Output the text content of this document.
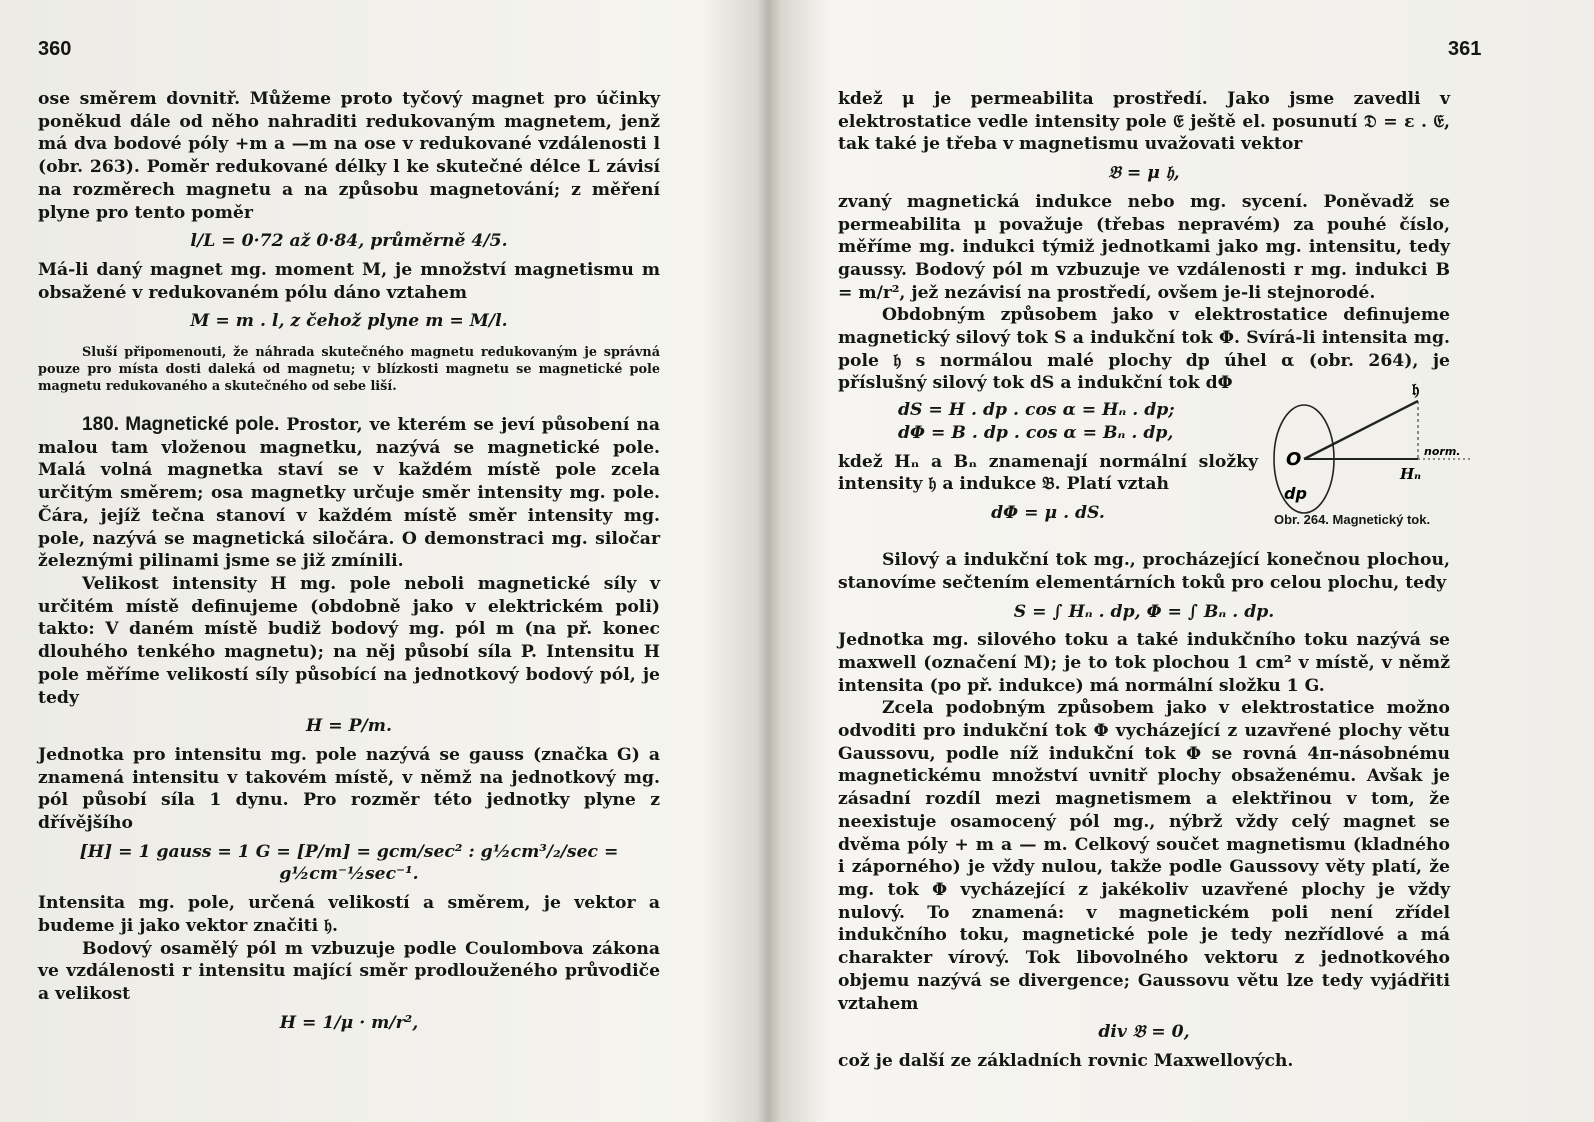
360

ose směrem dovnitř. Můžeme proto tyčový magnet pro účinky poněkud dále od něho nahraditi redukovaným magnetem, jenž má dva bodové póly +m a —m na ose v redukované vzdálenosti l (obr. 263). Poměr redukované délky l ke skutečné délce L závisí na rozměrech magnetu a na způsobu magnetování; z měření plyne pro tento poměr

l/L = 0·72 až 0·84, průměrně 4/5.

Má-li daný magnet mg. moment M, je množství magnetismu m obsažené v redukovaném pólu dáno vztahem

M = m . l, z čehož plyne m = M/l.

Sluší připomenouti, že náhrada skutečného magnetu redukovaným je správná pouze pro místa dosti daleká od magnetu; v blízkosti magnetu se magnetické pole magnetu redukovaného a skutečného od sebe liší.

180. Magnetické pole. Prostor, ve kterém se jeví působení na malou tam vloženou magnetku, nazývá se magnetické pole. Malá volná magnetka staví se v každém místě pole zcela určitým směrem; osa magnetky určuje směr intensity mg. pole. Čára, jejíž tečna stanoví v každém místě směr intensity mg. pole, nazývá se magnetická siločára. O demonstraci mg. siločar železnými pilinami jsme se již zmínili.

Velikost intensity H mg. pole neboli magnetické síly v určitém místě definujeme (obdobně jako v elektrickém poli) takto: V daném místě budiž bodový mg. pól m (na př. konec dlouhého tenkého magnetu); na něj působí síla P. Intensitu H pole měříme velikostí síly působící na jednotkový bodový pól, je tedy

H = P/m.

Jednotka pro intensitu mg. pole nazývá se gauss (značka G) a znamená intensitu v takovém místě, v němž na jednotkový mg. pól působí síla 1 dynu. Pro rozměr této jednotky plyne z dřívějšího

[H] = 1 gauss = 1 G = [P/m] = gcm/sec² : g½cm³/₂/sec = g½cm⁻½sec⁻¹.

Intensita mg. pole, určená velikostí a směrem, je vektor a budeme ji jako vektor značiti 𝔥.

Bodový osamělý pól m vzbuzuje podle Coulombova zákona ve vzdálenosti r intensitu mající směr prodlouženého průvodiče a velikost

H = 1/μ · m/r²,
361

kdež μ je permeabilita prostředí. Jako jsme zavedli v elektrostatice vedle intensity pole 𝔈 ještě el. posunutí 𝔇 = ε . 𝔈, tak také je třeba v magnetismu uvažovati vektor

𝔅 = μ 𝔥,

zvaný magnetická indukce nebo mg. sycení. Poněvadž se permeabilita μ považuje (třebas nepravém) za pouhé číslo, měříme mg. indukci týmiž jednotkami jako mg. intensitu, tedy gaussy. Bodový pól m vzbuzuje ve vzdálenosti r mg. indukci B = m/r², jež nezávisí na prostředí, ovšem je-li stejnorodé.

Obdobným způsobem jako v elektrostatice definujeme magnetický silový tok S a indukční tok Φ. Svírá-li intensita mg. pole 𝔥 s normálou malé plochy dp úhel α (obr. 264), je příslušný silový tok dS a indukční tok dΦ

dS = H . dp . cos α = Hₙ . dp;
dΦ = B . dp . cos α = Bₙ . dp,

kdež Hₙ a Bₙ znamenají normální složky intensity 𝔥 a indukce 𝔅. Platí vztah

dΦ = μ . dS.
O
dp
𝔥
Hₙ
norm.
Obr. 264. Magnetický tok.

Silový a indukční tok mg., procházející konečnou plochou, stanovíme sečtením elementárních toků pro celou plochu, tedy

S = ∫ Hₙ . dp, Φ = ∫ Bₙ . dp.

Jednotka mg. silového toku a také indukčního toku nazývá se maxwell (označení M); je to tok plochou 1 cm² v místě, v němž intensita (po př. indukce) má normální složku 1 G.

Zcela podobným způsobem jako v elektrostatice možno odvoditi pro indukční tok Φ vycházející z uzavřené plochy větu Gaussovu, podle níž indukční tok Φ se rovná 4π-násobnému magnetickému množství uvnitř plochy obsaženému. Avšak je zásadní rozdíl mezi magnetismem a elektřinou v tom, že neexistuje osamocený pól mg., nýbrž vždy celý magnet se dvěma póly + m a — m. Celkový součet magnetismu (kladného i záporného) je vždy nulou, takže podle Gaussovy věty platí, že mg. tok Φ vycházející z jakékoliv uzavřené plochy je vždy nulový. To znamená: v magnetickém poli není zřídel indukčního toku, magnetické pole je tedy nezřídlové a má charakter vírový. Tok libovolného vektoru z jednotkového objemu nazývá se divergence; Gaussovu větu lze tedy vyjádřiti vztahem

div 𝔅 = 0,

což je další ze základních rovnic Maxwellových.
